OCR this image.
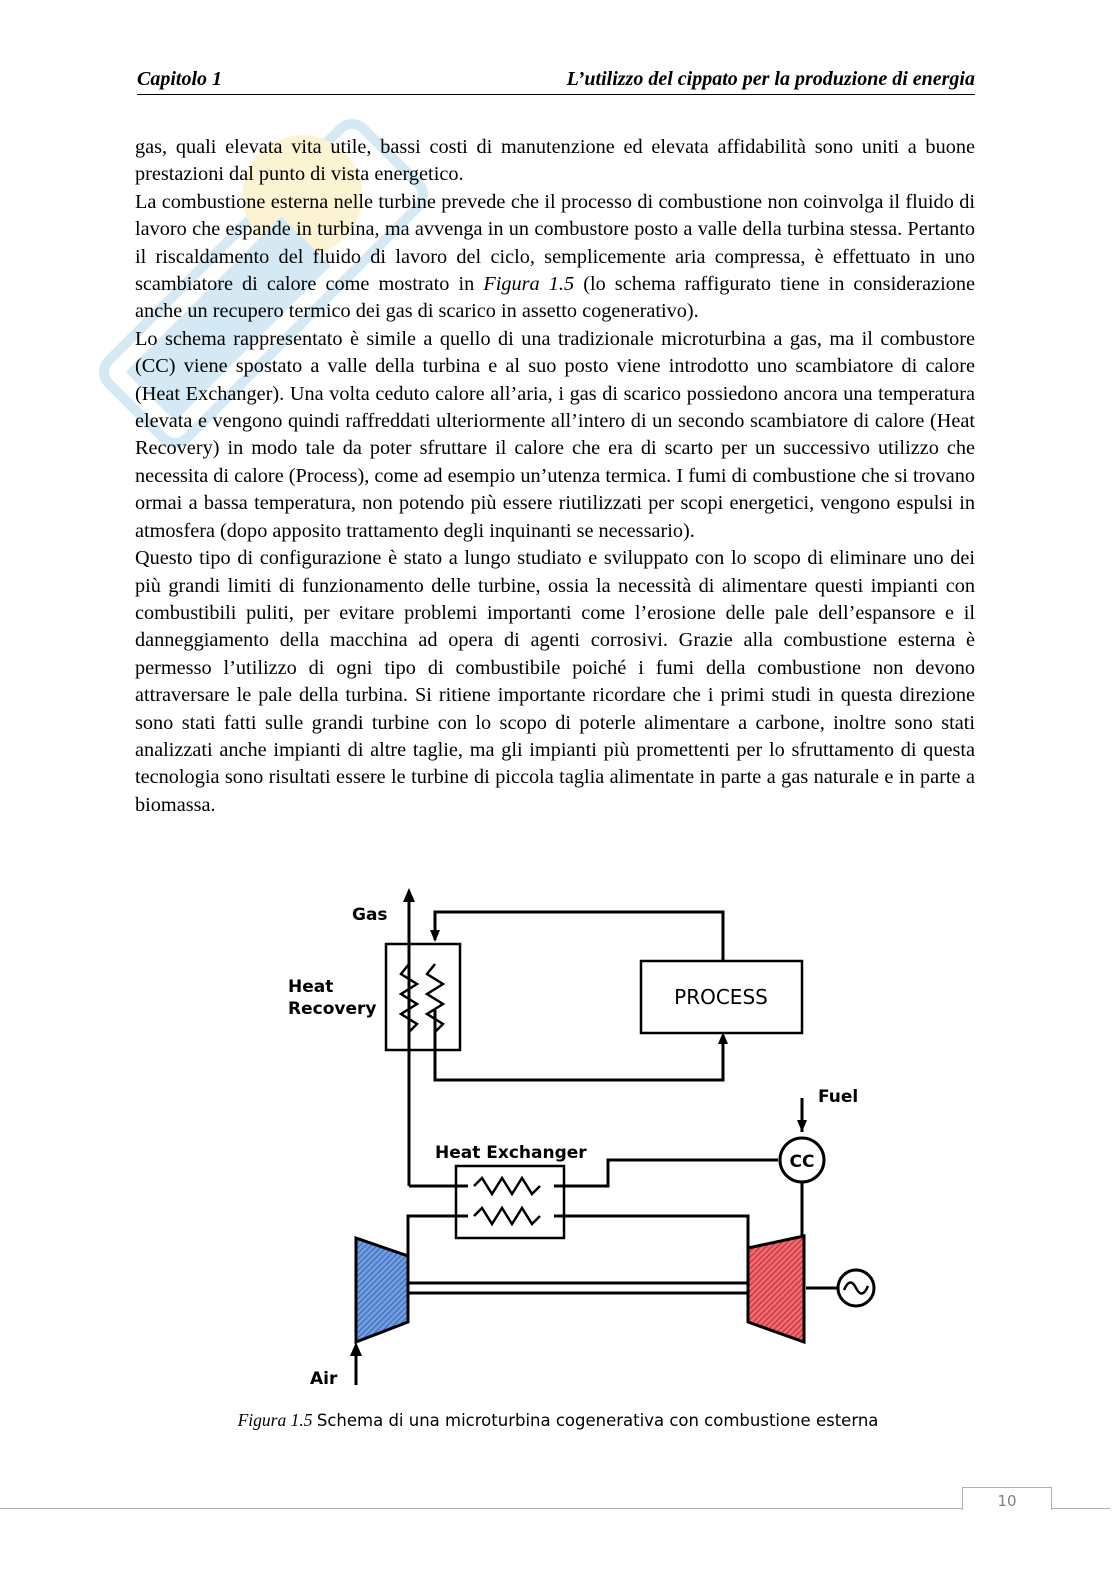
Capitolo 1	L’utilizzo del cippato per la produzione di energia

gas, quali elevata vita utile, bassi costi di manutenzione ed elevata affidabilità sono uniti a buone prestazioni dal punto di vista energetico.

La combustione esterna nelle turbine prevede che il processo di combustione non coinvolga il fluido di lavoro che espande in turbina, ma avvenga in un combustore posto a valle della turbina stessa. Pertanto il riscaldamento del fluido di lavoro del ciclo, semplicemente aria compressa, è effettuato in uno scambiatore di calore come mostrato in Figura 1.5 (lo schema raffigurato tiene in considerazione anche un recupero termico dei gas di scarico in assetto cogenerativo).

Lo schema rappresentato è simile a quello di una tradizionale microturbina a gas, ma il combustore (CC) viene spostato a valle della turbina e al suo posto viene introdotto uno scambiatore di calore (Heat Exchanger). Una volta ceduto calore all’aria, i gas di scarico possiedono ancora una temperatura elevata e vengono quindi raffreddati ulteriormente all’intero di un secondo scambiatore di calore (Heat Recovery) in modo tale da poter sfruttare il calore che era di scarto per un successivo utilizzo che necessita di calore (Process), come ad esempio un’utenza termica. I fumi di combustione che si trovano ormai a bassa temperatura, non potendo più essere riutilizzati per scopi energetici, vengono espulsi in atmosfera (dopo apposito trattamento degli inquinanti se necessario).

Questo tipo di configurazione è stato a lungo studiato e sviluppato con lo scopo di eliminare uno dei più grandi limiti di funzionamento delle turbine, ossia la necessità di alimentare questi impianti con combustibili puliti, per evitare problemi importanti come l’erosione delle pale dell’espansore e il danneggiamento della macchina ad opera di agenti corrosivi. Grazie alla combustione esterna è permesso l’utilizzo di ogni tipo di combustibile poiché i fumi della combustione non devono attraversare le pale della turbina. Si ritiene importante ricordare che i primi studi in questa direzione sono stati fatti sulle grandi turbine con lo scopo di poterle alimentare a carbone, inoltre sono stati analizzati anche impianti di altre taglie, ma gli impianti più promettenti per lo sfruttamento di questa tecnologia sono risultati essere le turbine di piccola taglia alimentate in parte a gas naturale e in parte a biomassa.

Gas
Heat
Recovery	PROCESS
Fuel
Heat Exchanger	CC
Air
Figura 1.5 Schema di una microturbina cogenerativa con combustione esterna
10
